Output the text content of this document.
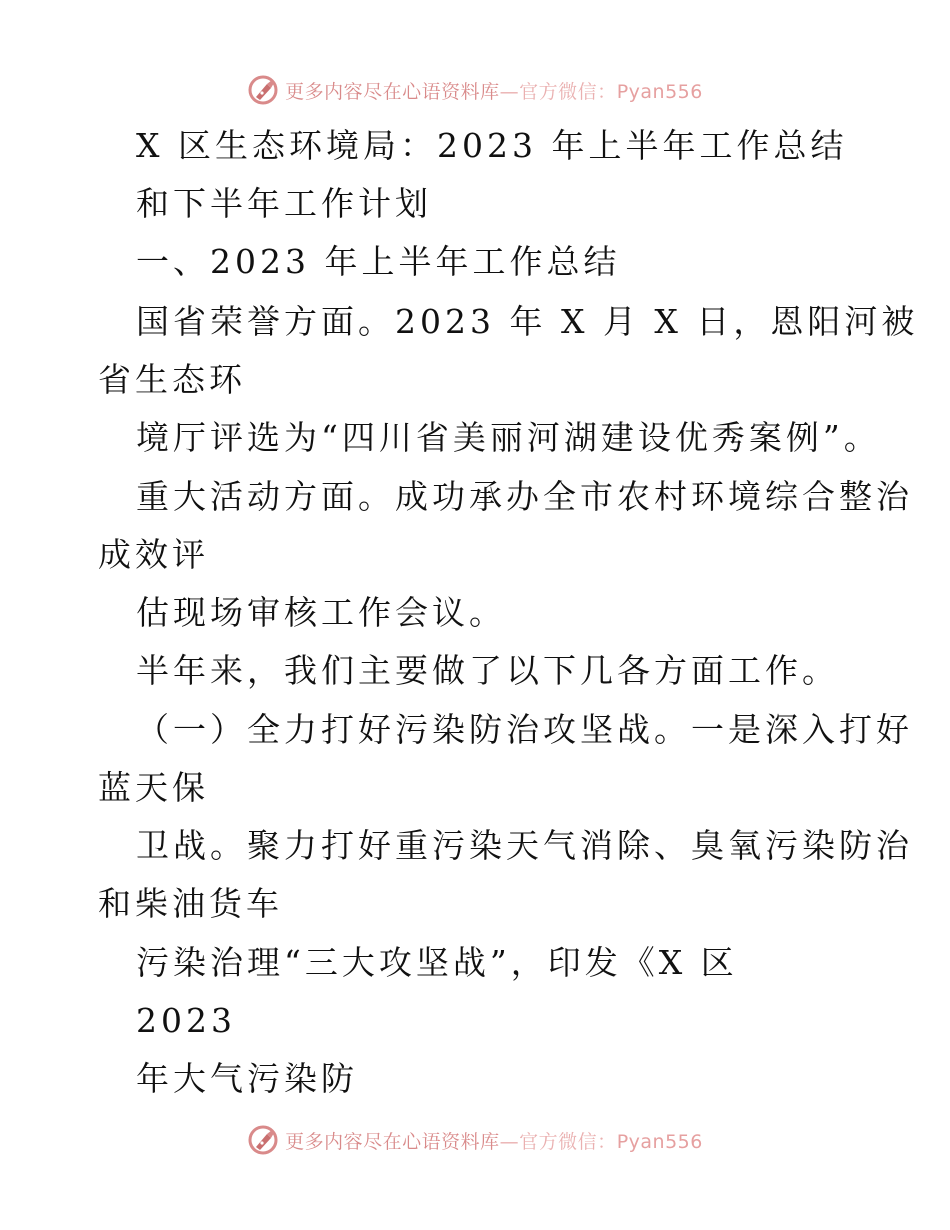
更多内容尽在心语资料库—官方微信：Pyan556
X 区生态环境局：2023 年上半年工作总结
和下半年工作计划
一、2023 年上半年工作总结
国省荣誉方面。2023 年 X 月 X 日，恩阳河被
省生态环
境厅评选为“四川省美丽河湖建设优秀案例”。
重大活动方面。成功承办全市农村环境综合整治
成效评
估现场审核工作会议。
半年来，我们主要做了以下几各方面工作。
（一）全力打好污染防治攻坚战。一是深入打好
蓝天保
卫战。聚力打好重污染天气消除、臭氧污染防治
和柴油货车
污染治理“三大攻坚战”，印发《X 区
2023
年大气污染防
更多内容尽在心语资料库—官方微信：Pyan556
